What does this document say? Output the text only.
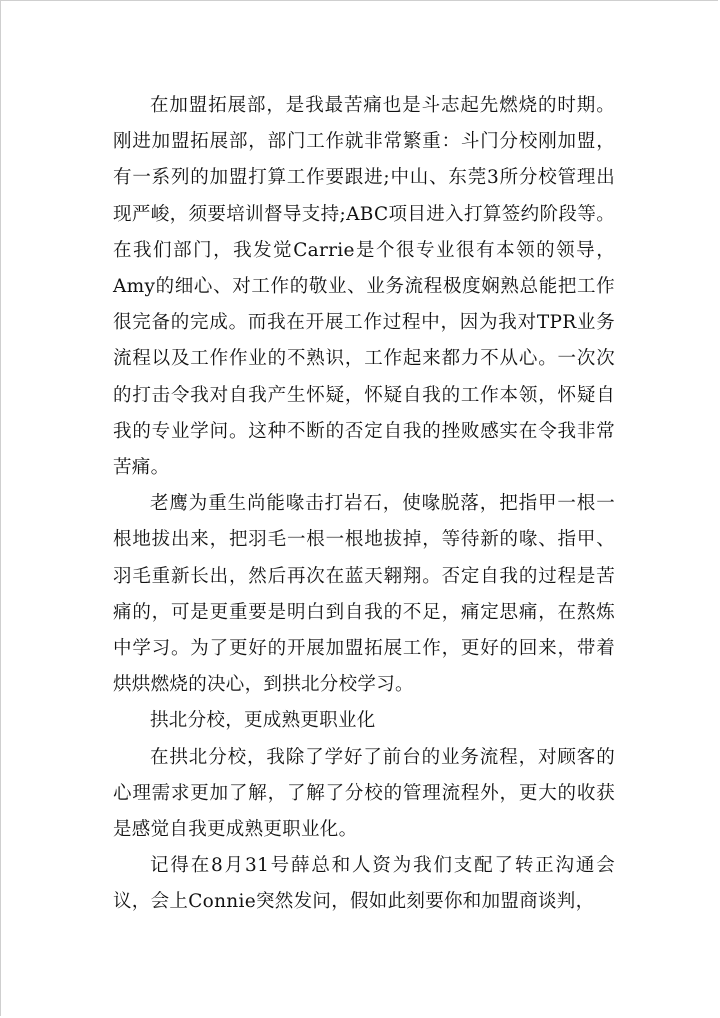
在加盟拓展部，是我最苦痛也是斗志起先燃烧的时期。刚进加盟拓展部，部门工作就非常繁重：斗门分校刚加盟，有一系列的加盟打算工作要跟进;中山、东莞3所分校管理出现严峻，须要培训督导支持;ABC项目进入打算签约阶段等。在我们部门，我发觉Carrie是个很专业很有本领的领导，Amy的细心、对工作的敬业、业务流程极度娴熟总能把工作很完备的完成。而我在开展工作过程中，因为我对TPR业务流程以及工作作业的不熟识，工作起来都力不从心。一次次的打击令我对自我产生怀疑，怀疑自我的工作本领，怀疑自我的专业学问。这种不断的否定自我的挫败感实在令我非常苦痛。

老鹰为重生尚能喙击打岩石，使喙脱落，把指甲一根一根地拔出来，把羽毛一根一根地拔掉，等待新的喙、指甲、羽毛重新长出，然后再次在蓝天翱翔。否定自我的过程是苦痛的，可是更重要是明白到自我的不足，痛定思痛，在熬炼中学习。为了更好的开展加盟拓展工作，更好的回来，带着烘烘燃烧的决心，到拱北分校学习。

拱北分校，更成熟更职业化

在拱北分校，我除了学好了前台的业务流程，对顾客的心理需求更加了解，了解了分校的管理流程外，更大的收获是感觉自我更成熟更职业化。

记得在8月31号薛总和人资为我们支配了转正沟通会议，会上Connie突然发问，假如此刻要你和加盟商谈判，
